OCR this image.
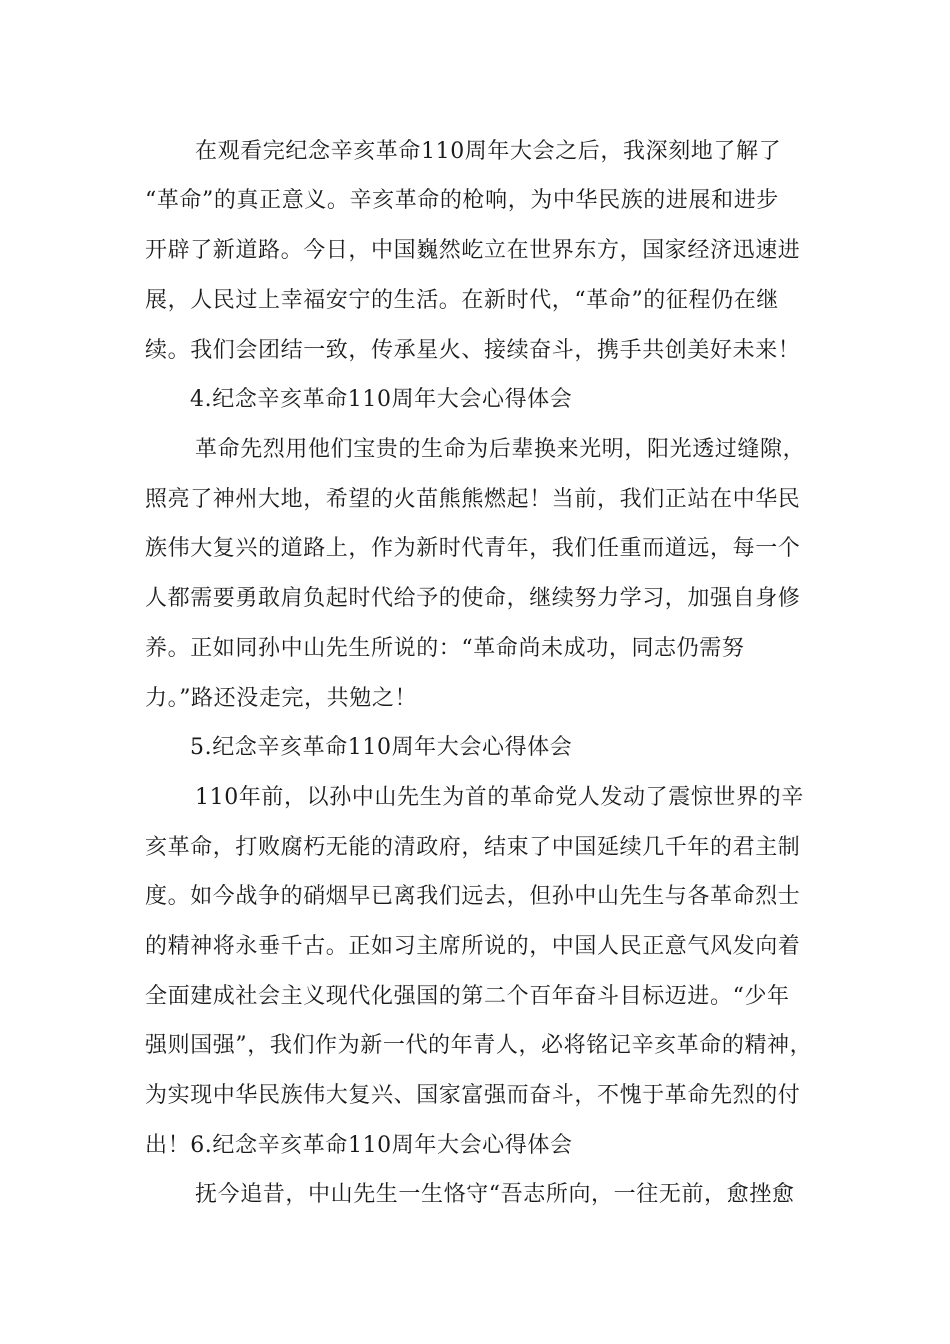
在观看完纪念辛亥革命110周年大会之后，我深刻地了解了
“革命”的真正意义。辛亥革命的枪响，为中华民族的进展和进步
开辟了新道路。今日，中国巍然屹立在世界东方，国家经济迅速进
展，人民过上幸福安宁的生活。在新时代，“革命”的征程仍在继
续。我们会团结一致，传承星火、接续奋斗，携手共创美好未来！
4.纪念辛亥革命110周年大会心得体会
革命先烈用他们宝贵的生命为后辈换来光明，阳光透过缝隙，
照亮了神州大地，希望的火苗熊熊燃起！当前，我们正站在中华民
族伟大复兴的道路上，作为新时代青年，我们任重而道远，每一个
人都需要勇敢肩负起时代给予的使命，继续努力学习，加强自身修
养。正如同孙中山先生所说的：“革命尚未成功，同志仍需努
力。”路还没走完，共勉之！
5.纪念辛亥革命110周年大会心得体会
110年前，以孙中山先生为首的革命党人发动了震惊世界的辛
亥革命，打败腐朽无能的清政府，结束了中国延续几千年的君主制
度。如今战争的硝烟早已离我们远去，但孙中山先生与各革命烈士
的精神将永垂千古。正如习主席所说的，中国人民正意气风发向着
全面建成社会主义现代化强国的第二个百年奋斗目标迈进。“少年
强则国强”，我们作为新一代的年青人，必将铭记辛亥革命的精神，
为实现中华民族伟大复兴、国家富强而奋斗，不愧于革命先烈的付
出！6.纪念辛亥革命110周年大会心得体会
抚今追昔，中山先生一生恪守“吾志所向，一往无前，愈挫愈
